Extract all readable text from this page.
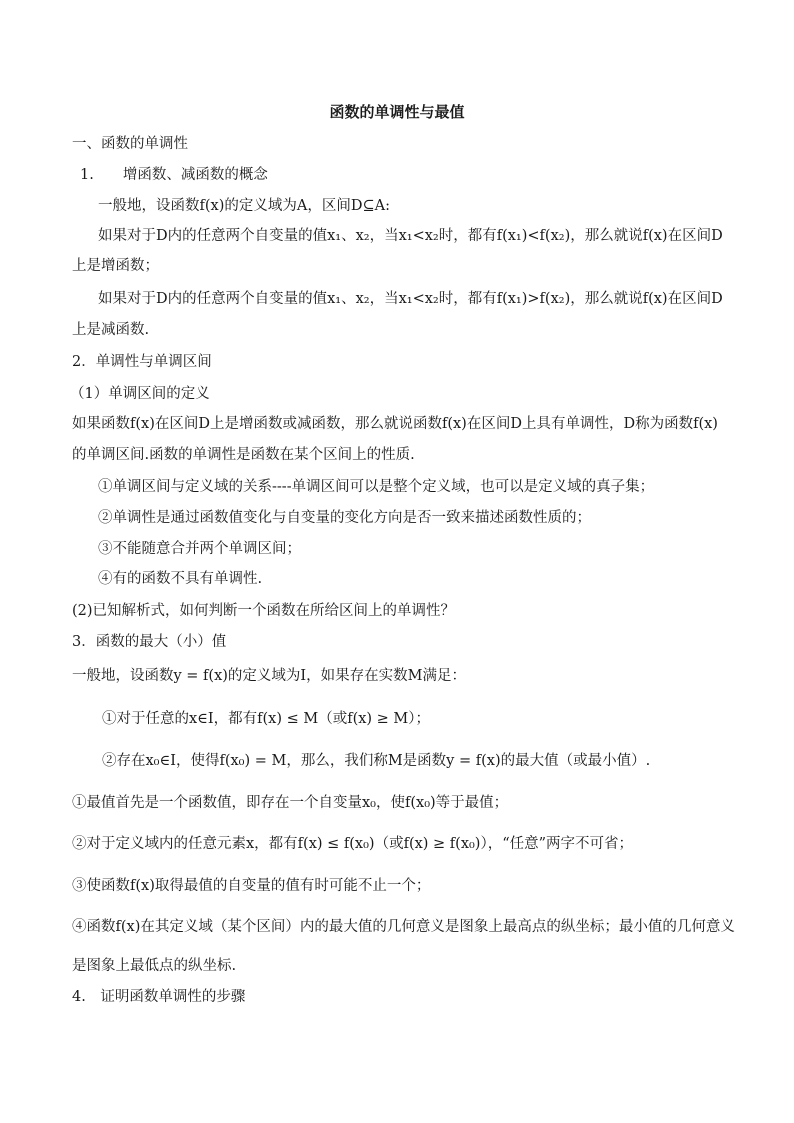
函数的单调性与最值
一、函数的单调性
1.　　增函数、减函数的概念
一般地，设函数f(x)的定义域为A，区间D⊆A:
如果对于D内的任意两个自变量的值x₁、x₂，当x₁<x₂时，都有f(x₁)<f(x₂)，那么就说f(x)在区间D
上是增函数；
如果对于D内的任意两个自变量的值x₁、x₂，当x₁<x₂时，都有f(x₁)>f(x₂)，那么就说f(x)在区间D
上是减函数.
2．单调性与单调区间
（1）单调区间的定义
如果函数f(x)在区间D上是增函数或减函数，那么就说函数f(x)在区间D上具有单调性，D称为函数f(x)
的单调区间.函数的单调性是函数在某个区间上的性质.
①单调区间与定义域的关系----单调区间可以是整个定义域，也可以是定义域的真子集；
②单调性是通过函数值变化与自变量的变化方向是否一致来描述函数性质的；
③不能随意合并两个单调区间；
④有的函数不具有单调性.
(2)已知解析式，如何判断一个函数在所给区间上的单调性？
3．函数的最大（小）值
一般地，设函数y = f(x)的定义域为I，如果存在实数M满足：
①对于任意的x∈I，都有f(x) ≤ M（或f(x) ≥ M）；
②存在x₀∈I，使得f(x₀) = M，那么，我们称M是函数y = f(x)的最大值（或最小值）.
①最值首先是一个函数值，即存在一个自变量x₀，使f(x₀)等于最值；
②对于定义域内的任意元素x，都有f(x) ≤ f(x₀)（或f(x) ≥ f(x₀)），“任意”两字不可省；
③使函数f(x)取得最值的自变量的值有时可能不止一个；
④函数f(x)在其定义域（某个区间）内的最大值的几何意义是图象上最高点的纵坐标；最小值的几何意义
是图象上最低点的纵坐标.
4.　证明函数单调性的步骤
